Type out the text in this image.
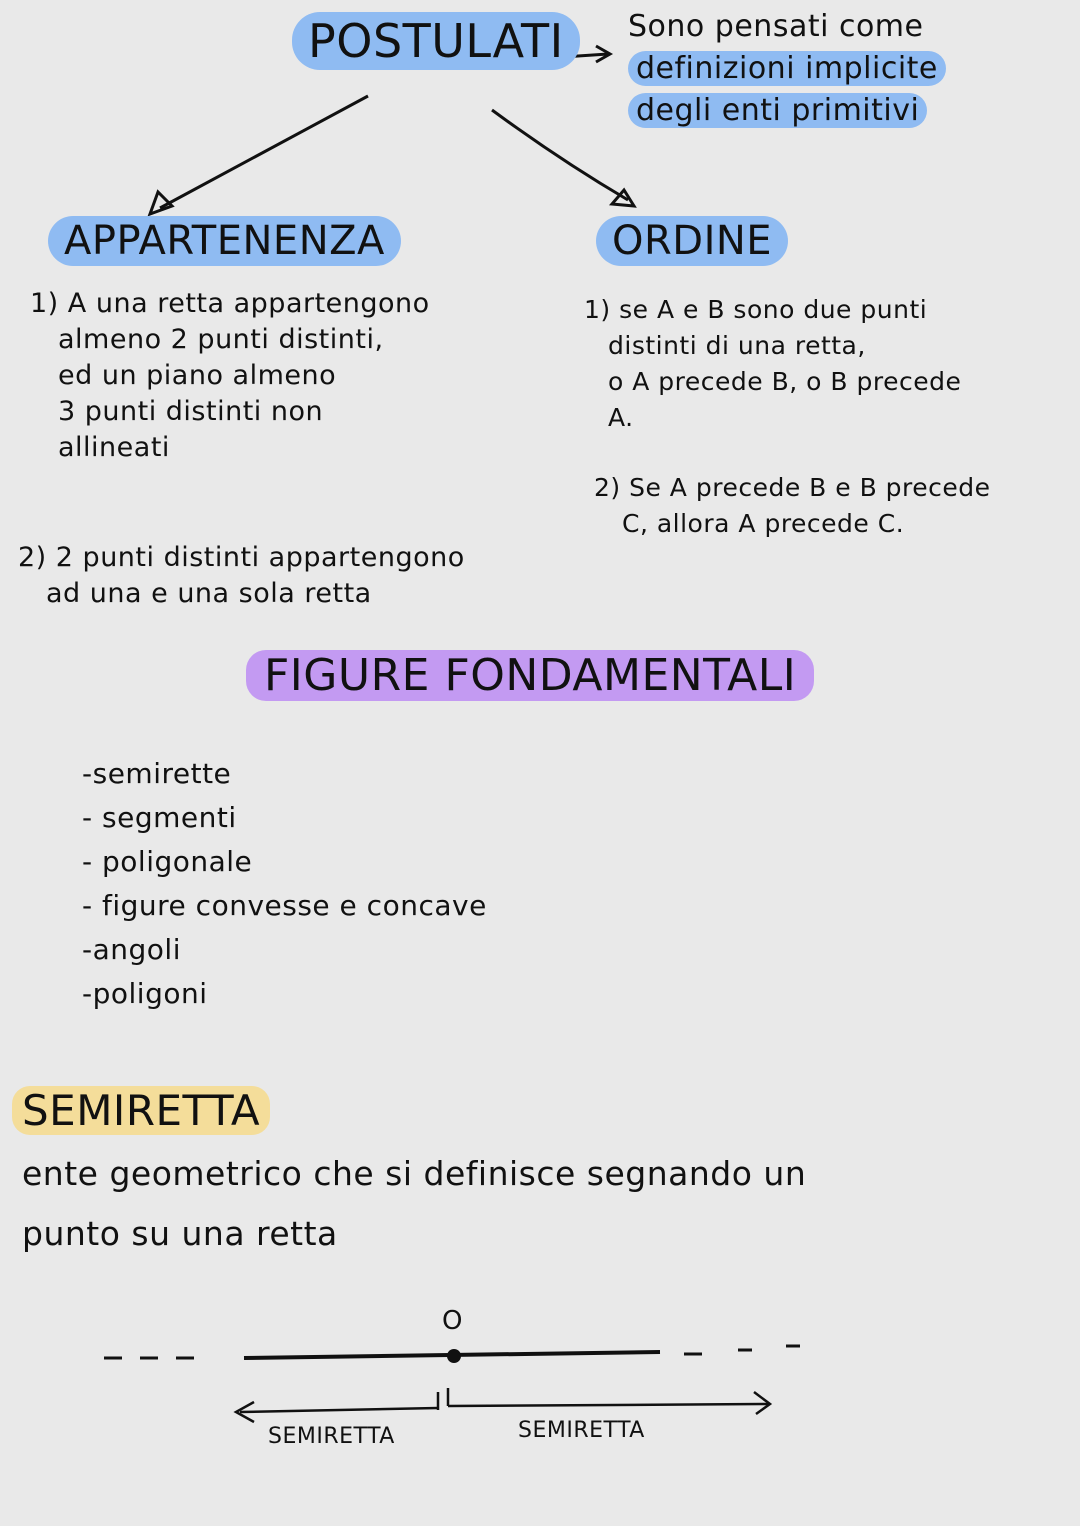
POSTULATI	Sono pensati come
definizioni implicite
degli enti primitivi
APPARTENENZA
1) A una retta appartengono
almeno 2 punti distinti,
ed un piano almeno
3 punti distinti non
allineati
2) 2 punti distinti appartengono
ad una e una sola retta
ORDINE
1) se A e B sono due punti
distinti di una retta,
o A precede B, o B precede
A.
2) Se A precede B e B precede
C, allora A precede C.
FIGURE FONDAMENTALI
-semirette
- segmenti
- poligonale
- figure convesse e concave
-angoli
-poligoni
SEMIRETTA
ente geometrico che si definisce segnando un
punto su una retta
O
SEMIRETTA	SEMIRETTA
